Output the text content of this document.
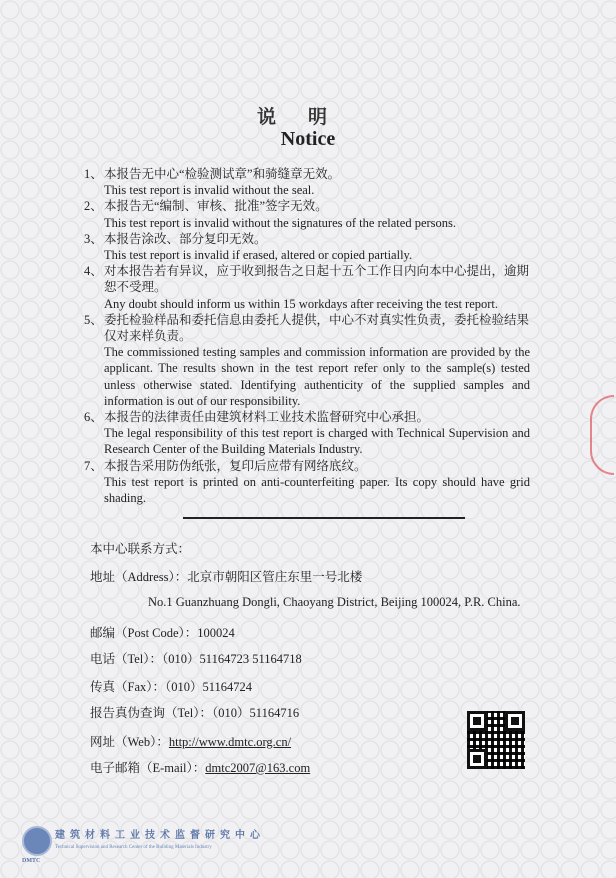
说明
Notice
1、 本报告无中心“检验测试章”和骑缝章无效。
This test report is invalid without the seal.
2、 本报告无“编制、审核、批准”签字无效。
This test report is invalid without the signatures of the related persons.
3、 本报告涂改、部分复印无效。
This test report is invalid if erased, altered or copied partially.
4、 对本报告若有异议，应于收到报告之日起十五个工作日内向本中心提出，逾期恕不受理。
Any doubt should inform us within 15 workdays after receiving the test report.
5、 委托检验样品和委托信息由委托人提供，中心不对真实性负责，委托检验结果仅对来样负责。
The commissioned testing samples and commission information are provided by the applicant. The results shown in the test report refer only to the sample(s) tested unless otherwise stated. Identifying authenticity of the supplied samples and information is out of our responsibility.
6、 本报告的法律责任由建筑材料工业技术监督研究中心承担。
The legal responsibility of this test report is charged with Technical Supervision and Research Center of the Building Materials Industry.
7、 本报告采用防伪纸张，复印后应带有网络底纹。
This test report is printed on anti-counterfeiting paper. Its copy should have grid shading.
本中心联系方式：
地址（Address）：北京市朝阳区管庄东里一号北楼
No.1 Guanzhuang Dongli, Chaoyang District, Beijing 100024, P.R. China.
邮编（Post Code）：100024
电话（Tel）：（010）51164723 51164718
传真（Fax）：（010）51164724
报告真伪查询（Tel）：（010）51164716
网址（Web）：http://www.dmtc.org.cn/
电子邮箱（E-mail）：dmtc2007@163.com
建筑材料工业技术监督研究中心
Technical Supervision and Research Center of the Building Materials Industry
DMTC
